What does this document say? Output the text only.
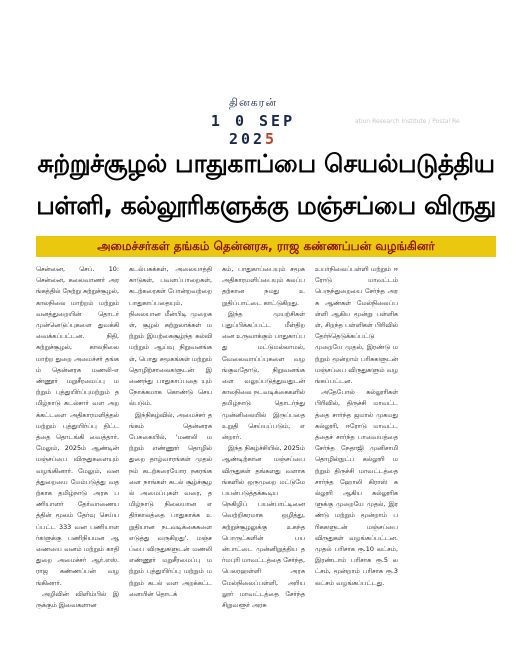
தினகரன்
1 0 SEP 2025
ation Research Institute / Postal Re
சுற்றுச்சூழல் பாதுகாப்பை செயல்படுத்திய
பள்ளி, கல்லூரிகளுக்கு மஞ்சப்பை விருது
அமைச்சர்கள் தங்கம் தென்னரசு, ராஜ கண்ணப்பன் வழங்கினர்

சென்னை, செப். 10: சென்னை, கலைவாணர் அரங்கத்தில் நேற்று சுற்றுச்சூழல், காலநிலை மாற்றம் மற்றும் வனத்துறையின் தொடர் முன்னெடுப்புகளை துவக்கி வைக்கப்பட்டன. நிதி, சுற்றுச்சூழல், காலநிலை மாற்ற துறை அமைச்சர் தங்கம் தென்னரசு மணலி-எண்ணூர் மறுசீரமைப்பு மற்றும் புத்துயிர்ப்புமற்றும் தமிழ்நாடு கடல்சார் வள அறக்கட்டளை அதிகாரமளித்தல் மற்றும் புத்துயிர்ப்பு திட்டத்தை தொடங்கி வைத்தார். மேலும், 2025ம் ஆண்டின் மஞ்சப்பை விருதுகளையும் வழங்கினார். மேலும், வனத்துறையை மேம்படுத்து வதற்காக தமிழ்நாடு அரசு பணியாளர் தேர்வாணையத்தின் மூலம் தேர்வு செய்யப்பட்ட 333 வன பணியாளர்களுக்கு பணிநியமன ஆணையை வனம் மற்றும் காதி துறை அமைச்சர் ஆர்.எஸ்.ராஜ கண்ணப்பன் வழங்கினார்.

அழிவின் விளிம்பில் இருக்கும் இவைகளான

கடல்பசுக்கள், அலையாத்தி காடுகள், பவளப்பாறைகள், கடற்கரைகள் போன்றவற்றை பாதுகாப்பதையும், நிலையான மீன்பிடி முறைகள், சூழல் சுற்றுலாக்கள் மற்றும் இயற்கைசூழ்ந்த கல்வி மற்றும் ஆய்வு நிறுவனங்கள், பொது சமூகங்கள் மற்றும் தொழிற்சாலைகளுடன் இணைந்து பாதுகாப்பதை யும் நோக்கமாக கொண்டு செயல்படும்.

இந்நிகழ்வில், அமைச்சர் தங்கம் தென்னரசு பேசுகையில், 'மணலி மற்றும் எண்ணூர் தொழில் துறை தாழ்வாரங்கள் முதல் நம் கடற்கரையோர நகரங்களை நாங்கள் கடல் சூழ்ச்சூழல் அமைப்புகள் வரை, தமிழ்நாடு நிலையான எதிர்காலத்தை பாதுகாக்க உறுதியான நடவடிக்கைகளை எடுத்து வருகிறது'. மஞ்சப்பை விருதுகளுடன் மணலி எண்ணூர் மறுசீரமைப்பு மற்றும் புத்துயிர்ப்பு மற்றும் மற்றும் கடல் வள அறக்கட்டளையின் தொடக்

கம், பாதுகாப்பையும் சமூக அதிகாரமளிப்பையும் கலப்பதற்கான நமது உறுதிப்பாட்டை காட்டுகிறது.

இந்த முயற்சிகள் புதுப்பிக்கப்பட்ட மீள்திறனை உருவாக்கும் பாதுகாப்பது மட்டுமல்லாமல், வேலைவாய்ப்புகளை வழங்குவதோடு, நிறுவனங்களை வலுப்படுத்துவதுடன் காலநிலை நடவடிக்கைகளில் தமிழ்நாடு தொடர்ந்து முன்னிலையில் இருப்பதை உறுதி செய்யப்படும், என்றார்.

இந்த நிகழ்ச்சியில், 2025ம் ஆண்டிற்கான மஞ்சப்பை விருதுகள் தங்களது வளாகங்களில் ஒருமுறை மட்டுமே பயன்படுத்தக்கூடிய நெகிழிப் பயன்பாட்டினை வெற்றிகரமாக ஒழித்து, சுற்றுச்சூழலுக்கு உகந்த பொருட்களின் பயன்பாட்டை முன்னிறுத்திய தர்மபுரி மாவட்டத்தை சேர்ந்த, பெலரஹள்ளி அரசு மேல்நிலைப்பள்ளி, அரியலூர் மாவட்டத்தை சேர்ந்த சிறுவளூர் அரசு

உயர்நிலைப்பள்ளி மற்றும் ஈரோடு மாவட்டம் பெருந்துறையை சேர்ந்த அரசு ஆண்கள் மேல்நிலைப்பள்ளி ஆகிய மூன்று பள்ளிகள், சிறந்த பள்ளிகள் பிரிவில் தேர்ந்தெடுக்கப்பட்டு முறையே முதல், இரண்டு மற்றும் மூன்றாம் பரிசுகளுடன் மஞ்சப்பை விருதுகளும் வழங்கப்பட்டன.

அதேபோல் கல்லூரிகள் பிரிவில், திருச்சி மாவட்டத்தை சார்ந்த ஜமால் முகமது கல்லூரி, ஈரோடு மாவட்டத்தைச் சார்ந்த பாவையத்தை சேர்ந்த நேதாஜி முனிசாமி தொழில்நுட்ப கல்லூரி மற்றும் திருச்சி மாவட்டத்தை சார்ந்த ஹோலி கிராஸ் கல்லூரி ஆகிய கல்லூரிகளுக்கு முறையே முதல், இரண்டு மற்றும் மூன்றாம் பரிசுகளுடன் மஞ்சப்பை விருதுகள் வழங்கப்பட்டன. முதல் பரிசாக ரூ.10 லட்சம், இரண்டாம் பரிசாக ரூ.5 லட்சம், மூன்றாம் பரிசாக ரூ.3 லட்சம் வழங்கப்பட்டது.
